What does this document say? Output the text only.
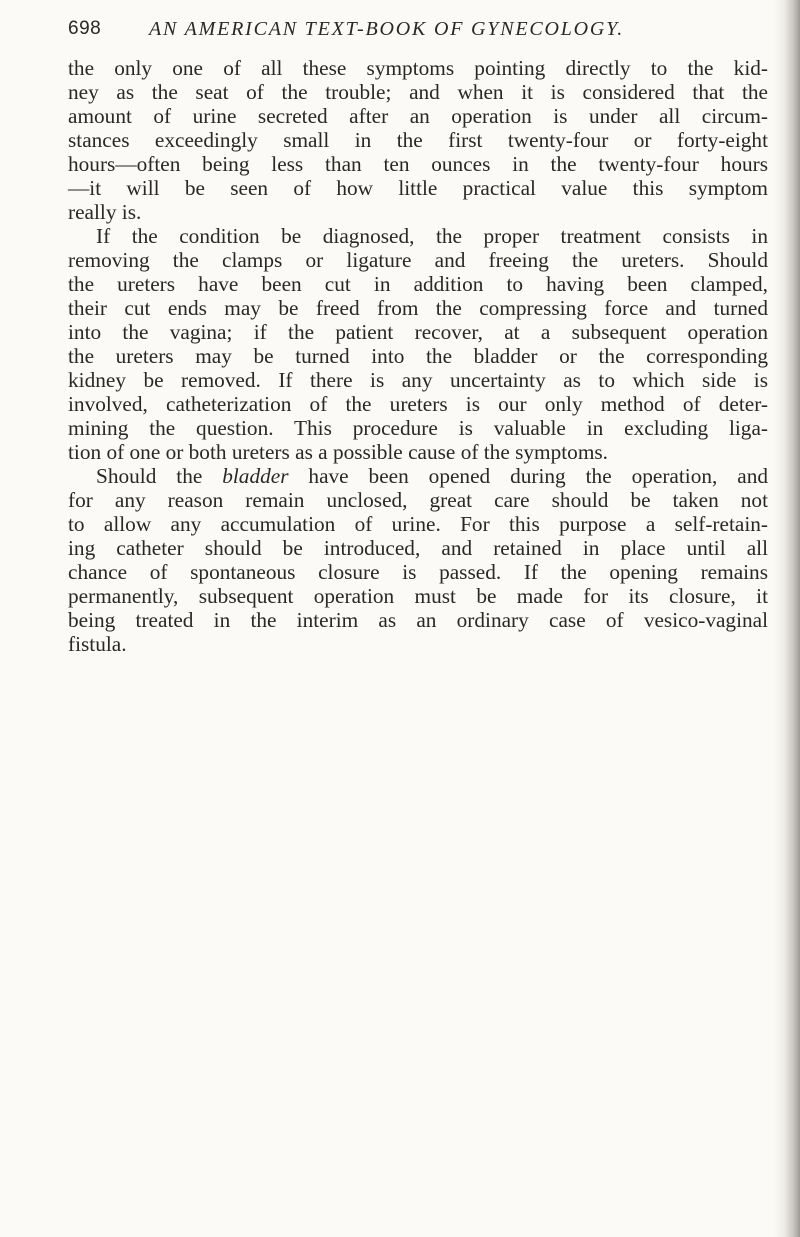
698 AN AMERICAN TEXT-BOOK OF GYNECOLOGY.
the only one of all these symptoms pointing directly to the kid-
ney as the seat of the trouble; and when it is considered that the
amount of urine secreted after an operation is under all circum-
stances exceedingly small in the first twenty-four or forty-eight
hours—often being less than ten ounces in the twenty-four hours
—it will be seen of how little practical value this symptom
really is.
If the condition be diagnosed, the proper treatment consists in
removing the clamps or ligature and freeing the ureters. Should
the ureters have been cut in addition to having been clamped,
their cut ends may be freed from the compressing force and turned
into the vagina; if the patient recover, at a subsequent operation
the ureters may be turned into the bladder or the corresponding
kidney be removed. If there is any uncertainty as to which side is
involved, catheterization of the ureters is our only method of deter-
mining the question. This procedure is valuable in excluding liga-
tion of one or both ureters as a possible cause of the symptoms.
Should the bladder have been opened during the operation, and
for any reason remain unclosed, great care should be taken not
to allow any accumulation of urine. For this purpose a self-retain-
ing catheter should be introduced, and retained in place until all
chance of spontaneous closure is passed. If the opening remains
permanently, subsequent operation must be made for its closure, it
being treated in the interim as an ordinary case of vesico-vaginal
fistula.
